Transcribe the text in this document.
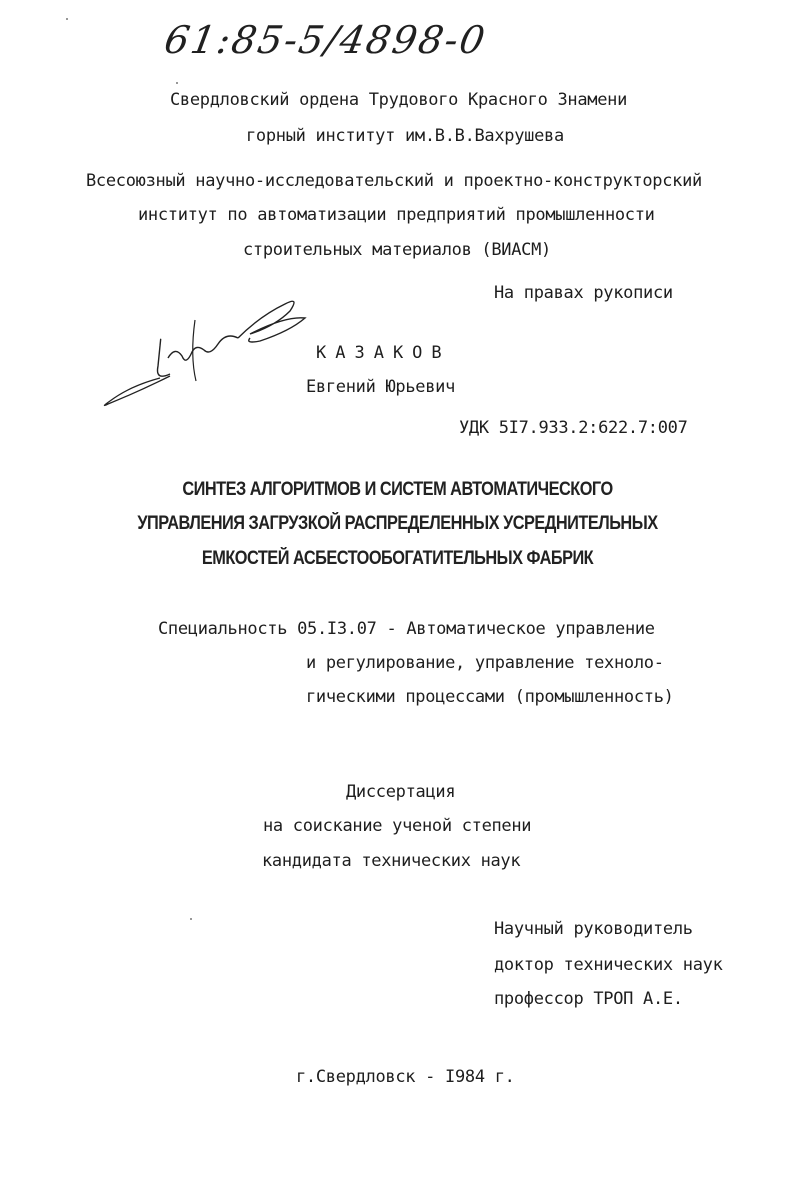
61:85-5/4898-0
Свердловский ордена Трудового Красного Знамени
горный институт им.В.В.Вахрушева
Всесоюзный научно-исследовательский и проектно-конструкторский
институт по автоматизации предприятий промышленности
строительных материалов (ВИАСМ)
На правах рукописи
КАЗАКОВ
Евгений Юрьевич
УДК 5I7.933.2:622.7:007
СИНТЕЗ АЛГОРИТМОВ И СИСТЕМ АВТОМАТИЧЕСКОГО
УПРАВЛЕНИЯ ЗАГРУЗКОЙ РАСПРЕДЕЛЕННЫХ УСРЕДНИТЕЛЬНЫХ
ЕМКОСТЕЙ АСБЕСТООБОГАТИТЕЛЬНЫХ ФАБРИК
Специальность 05.I3.07 - Автоматическое управление
и регулирование, управление техноло-
гическими процессами (промышленность)
Диссертация
на соискание ученой степени
кандидата технических наук
Научный руководитель
доктор технических наук
профессор ТРОП А.Е.
г.Свердловск - I984 г.
